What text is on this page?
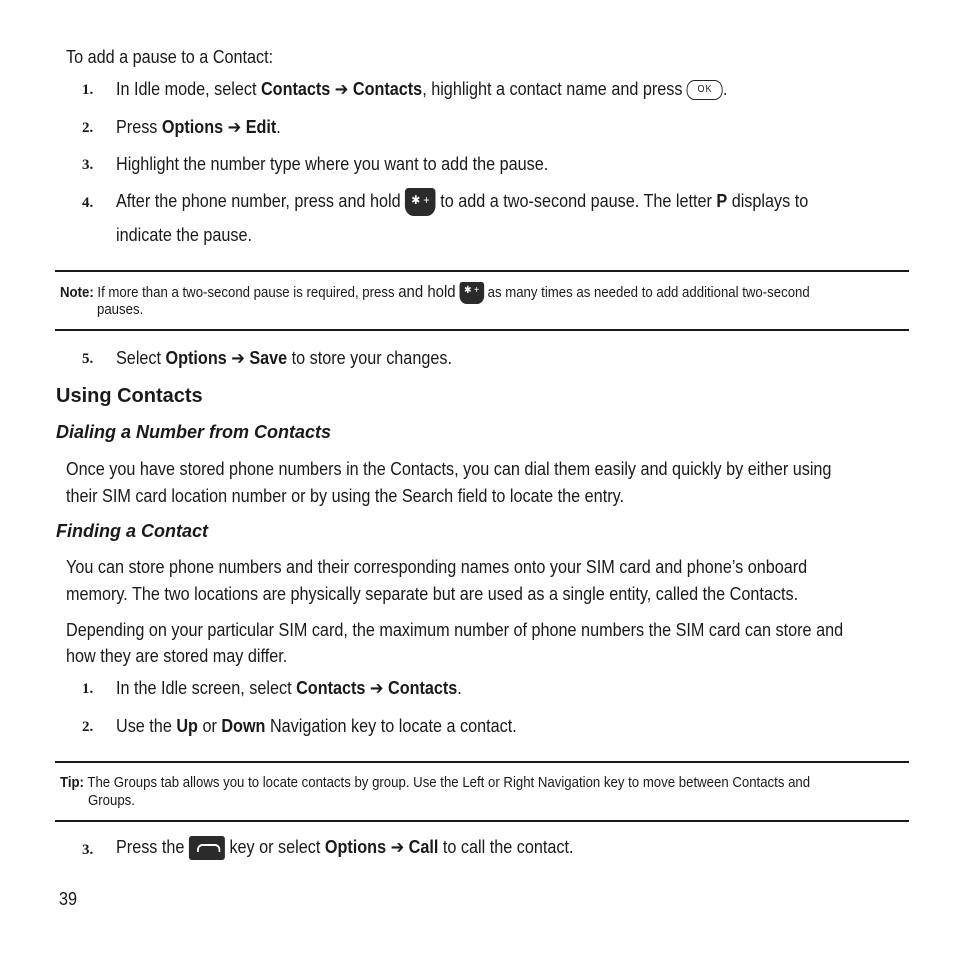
To add a pause to a Contact:
1. In Idle mode, select Contacts ➔ Contacts, highlight a contact name and press OK .
2. Press Options ➔ Edit.
3. Highlight the number type where you want to add the pause.
4. After the phone number, press and hold ✱ + to add a two-second pause. The letter P displays to
indicate the pause.
Note: If more than a two-second pause is required, press and hold ✱ + as many times as needed to add additional two-second
pauses.
5. Select Options ➔ Save to store your changes.
Using Contacts
Dialing a Number from Contacts
Once you have stored phone numbers in the Contacts, you can dial them easily and quickly by either using
their SIM card location number or by using the Search field to locate the entry.
Finding a Contact
You can store phone numbers and their corresponding names onto your SIM card and phone’s onboard
memory. The two locations are physically separate but are used as a single entity, called the Contacts.
Depending on your particular SIM card, the maximum number of phone numbers the SIM card can store and
how they are stored may differ.
1. In the Idle screen, select Contacts ➔ Contacts.
2. Use the Up or Down Navigation key to locate a contact.
Tip: The Groups tab allows you to locate contacts by group. Use the Left or Right Navigation key to move between Contacts and
Groups.
3. Press the  key or select Options ➔ Call to call the contact.
39
